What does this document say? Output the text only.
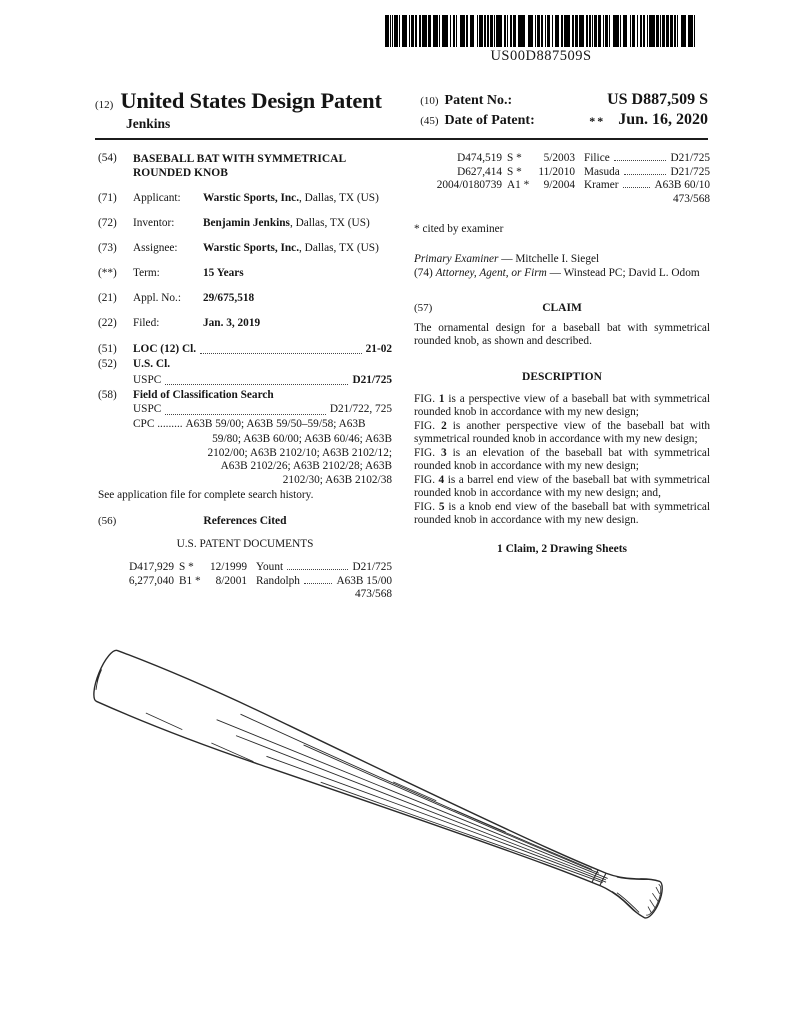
US00D887509S
(12) United States Design Patent
Jenkins
(10) Patent No.:	US D887,509 S
(45) Date of Patent:	** Jun. 16, 2020
(54)	BASEBALL BAT WITH SYMMETRICAL ROUNDED KNOB
(71)	Applicant:	Warstic Sports, Inc., Dallas, TX (US)
(72)	Inventor:	Benjamin Jenkins, Dallas, TX (US)
(73)	Assignee:	Warstic Sports, Inc., Dallas, TX (US)
(**)	Term:	15 Years
(21)	Appl. No.:	29/675,518
(22)	Filed:	Jan. 3, 2019
(51)	LOC (12) Cl.	21-02
(52)	U.S. Cl.
USPC	D21/725
(58)	Field of Classification Search
USPC	D21/722, 725
CPC
.........
A63B 59/00; A63B 59/50–59/58; A63B
59/80; A63B 60/00; A63B 60/46; A63B
2102/00; A63B 2102/10; A63B 2102/12;
A63B 2102/26; A63B 2102/28; A63B
2102/30; A63B 2102/38

See application file for complete search history.

(56)	References Cited
U.S. PATENT DOCUMENTS
D417,929 S *	12/1999 Yount	D21/725
6,277,040 B1 *	8/2001 Randolph	A63B 15/00

473/568

D474,519 S *	5/2003 Filice	D21/725
D627,414 S *	11/2010 Masuda	D21/725
2004/0180739 A1 *	9/2004 Kramer	A63B 60/10

473/568

* cited by examiner

Primary Examiner — Mitchelle I. Siegel

(74) Attorney, Agent, or Firm — Winstead PC; David L. Odom

(57)	CLAIM

The ornamental design for a baseball bat with symmetrical rounded knob, as shown and described.

DESCRIPTION

FIG. 1 is a perspective view of a baseball bat with symmetrical rounded knob in accordance with my new design;

FIG. 2 is another perspective view of the baseball bat with symmetrical rounded knob in accordance with my new design;

FIG. 3 is an elevation of the baseball bat with symmetrical rounded knob in accordance with my new design;

FIG. 4 is a barrel end view of the baseball bat with symmetrical rounded knob in accordance with my new design; and,

FIG. 5 is a knob end view of the baseball bat with symmetrical rounded knob in accordance with my new design.

1 Claim, 2 Drawing Sheets
